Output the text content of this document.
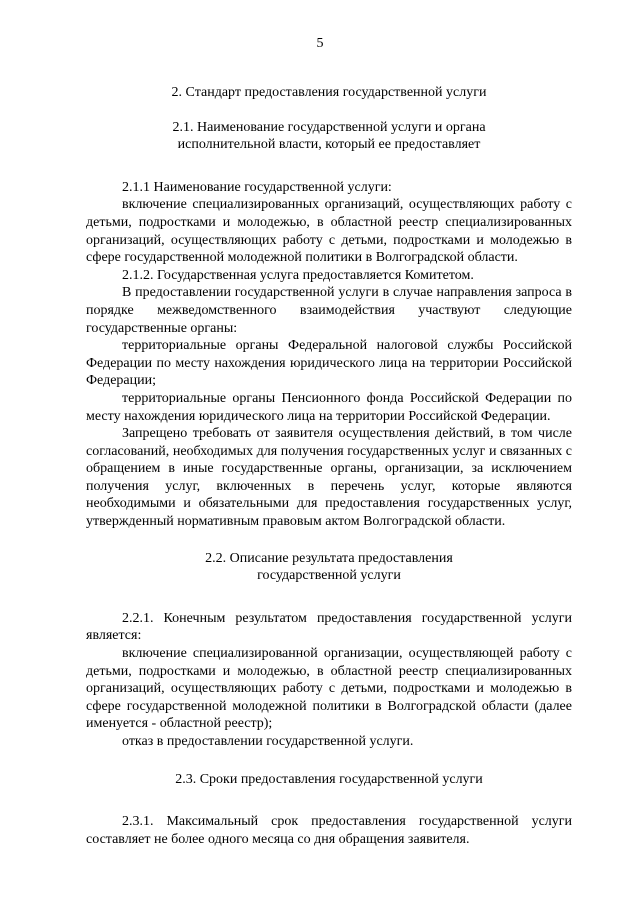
5
2. Стандарт предоставления государственной услуги
2.1. Наименование государственной услуги и органа
исполнительной власти, который ее предоставляет

2.1.1 Наименование государственной услуги:

включение специализированных организаций, осуществляющих работу с детьми, подростками и молодежью, в областной реестр специализированных организаций, осуществляющих работу с детьми, подростками и молодежью в сфере государственной молодежной политики в Волгоградской области.

2.1.2. Государственная услуга предоставляется Комитетом.

В предоставлении государственной услуги в случае направления запроса в порядке межведомственного взаимодействия участвуют следующие государственные органы:

территориальные органы Федеральной налоговой службы Российской Федерации по месту нахождения юридического лица на территории Российской Федерации;

территориальные органы Пенсионного фонда Российской Федерации по месту нахождения юридического лица на территории Российской Федерации.

Запрещено требовать от заявителя осуществления действий, в том числе согласований, необходимых для получения государственных услуг и связанных с обращением в иные государственные органы, организации, за исключением получения услуг, включенных в перечень услуг, которые являются необходимыми и обязательными для предоставления государственных услуг, утвержденный нормативным правовым актом Волгоградской области.

2.2. Описание результата предоставления
государственной услуги

2.2.1. Конечным результатом предоставления государственной услуги является:

включение специализированной организации, осуществляющей работу с детьми, подростками и молодежью, в областной реестр специализированных организаций, осуществляющих работу с детьми, подростками и молодежью в сфере государственной молодежной политики в Волгоградской области (далее именуется - областной реестр);

отказ в предоставлении государственной услуги.

2.3. Сроки предоставления государственной услуги

2.3.1. Максимальный срок предоставления государственной услуги составляет не более одного месяца со дня обращения заявителя.
